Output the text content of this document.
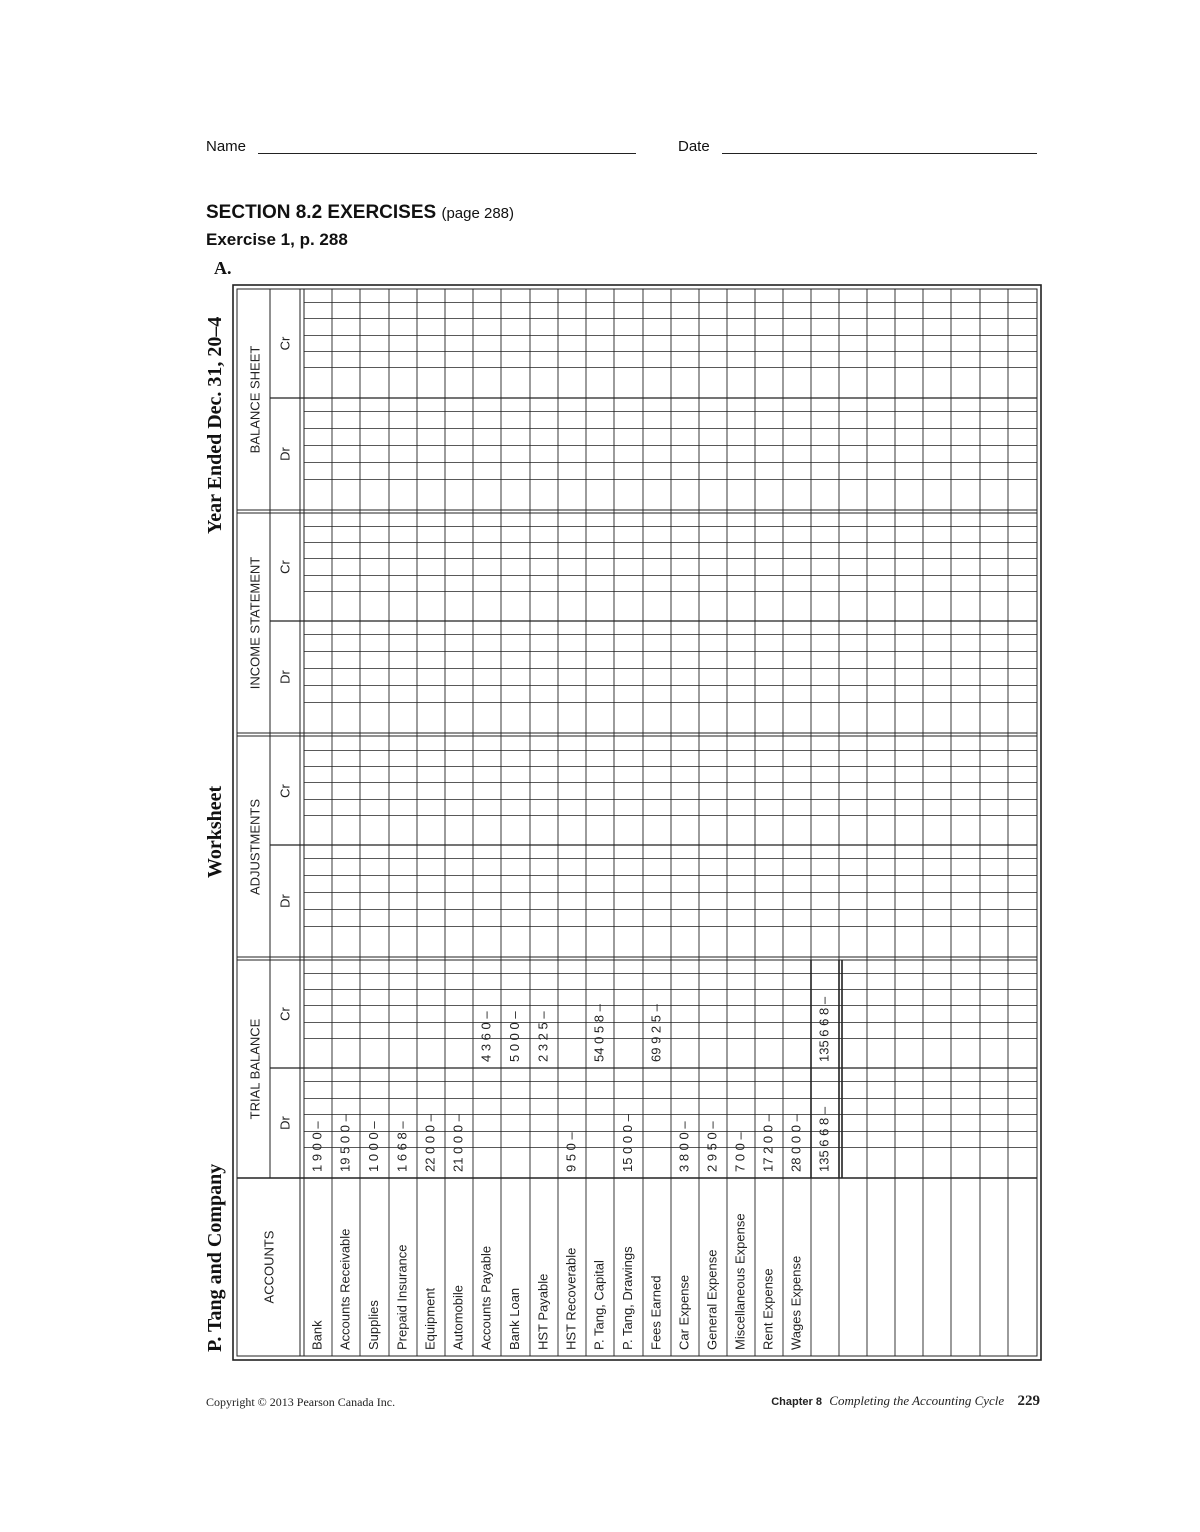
Name	Date
SECTION 8.2 EXERCISES (page 288)
Exercise 1, p. 288
A.
P. Tang and Company
Worksheet
Year Ended Dec. 31, 20–4 BALANCE SHEET
Dr
Cr
INCOME STATEMENT Dr
Cr
ADJUSTMENTS
Dr
Cr
TRIAL BALANCE
Dr
Cr
ACCOUNTS
Bank
1 9 0 0 –
Accounts Receivable
19 5 0 0 –
Supplies
1 0 0 0 –
Prepaid Insurance
1 6 6 8 –
Equipment
22 0 0 0 –
Automobile
21 0 0 0 –
Accounts Payable
4 3 6 0 –
Bank Loan
5 0 0 0 –
HST Payable
2 3 2 5 –
HST Recoverable
9 5 0 –
P. Tang, Capital
54 0 5 8 –
P. Tang, Drawings
15 0 0 0 –
Fees Earned
69 9 2 5 –
Car Expense
3 8 0 0 –
General Expense
2 9 5 0 –
Miscellaneous Expense
7 0 0 –
Rent Expense
17 2 0 0 –
Wages Expense
28 0 0 0 – 135 6 6 8 –
135 6 6 8 –
Copyright © 2013 Pearson Canada Inc.	Chapter 8 Completing the Accounting Cycle 229
